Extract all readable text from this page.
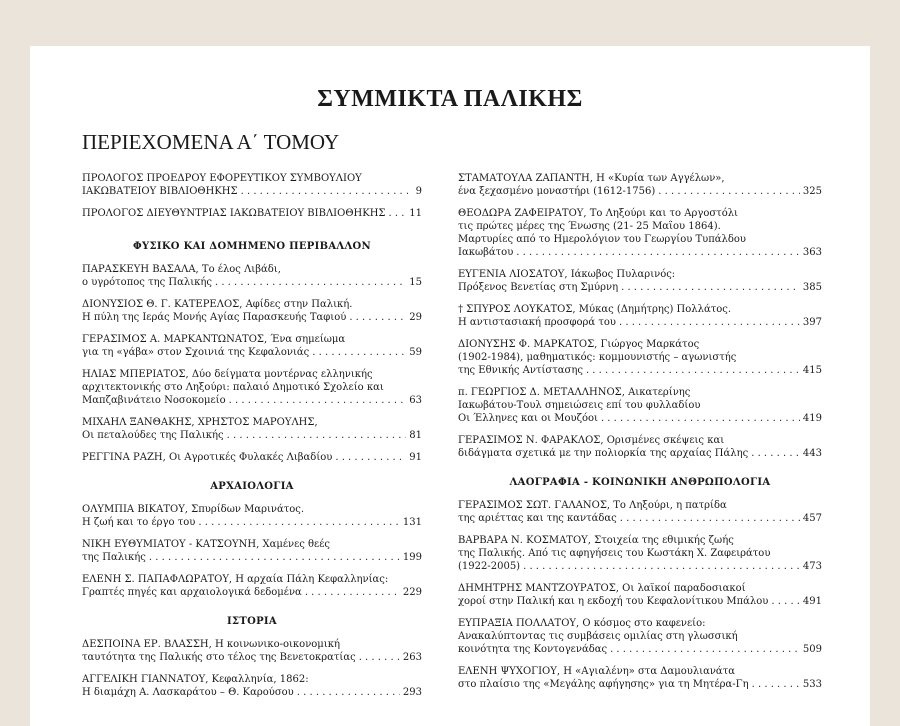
ΣΥΜΜΙΚΤΑ ΠΑΛΙΚΗΣ
ΠΕΡΙΕΧΟΜΕΝΑ Α΄ ΤΟΜΟΥ
ΠΡΟΛΟΓΟΣ ΠΡΟΕΔΡΟΥ ΕΦΟΡΕΥΤΙΚΟΥ ΣΥΜΒΟΥΛΙΟΥ
ΙΑΚΩΒΑΤΕΙΟΥ ΒΙΒΛΙΟΘΗΚΗΣ . . .	9
ΠΡΟΛΟΓΟΣ ΔΙΕΥΘΥΝΤΡΙΑΣ ΙΑΚΩΒΑΤΕΙΟΥ ΒΙΒΛΙΟΘΗΚΗΣ . . . 11
ΦΥΣΙΚΟ ΚΑΙ ΔΟΜΗΜΕΝΟ ΠΕΡΙΒΑΛΛΟΝ
ΠΑΡΑΣΚΕΥΗ ΒΑΣΑΛΑ, Το έλος Λιβάδι,
ο υγρότοπος της Παλικής . . .	15
ΔΙΟΝΥΣΙΟΣ Θ. Γ. ΚΑΤΕΡΕΛΟΣ, Αφίδες στην Παλική.
Η πύλη της Ιεράς Μονής Αγίας Παρασκευής Ταφιού . . .	29
ΓΕΡΑΣΙΜΟΣ Α. ΜΑΡΚΑΝΤΩΝΑΤΟΣ, Ένα σημείωμα
για τη «γάβα» στον Σχοινιά της Κεφαλονιάς . . .	59
ΗΛΙΑΣ ΜΠΕΡΙΑΤΟΣ, Δύο δείγματα μοντέρνας ελληνικής
αρχιτεκτονικής στο Ληξούρι: παλαιό Δημοτικό Σχολείο και
Μαπζαβινάτειο Νοσοκομείο . . .	63
ΜΙΧΑΗΛ ΞΑΝΘΑΚΗΣ, ΧΡΗΣΤΟΣ ΜΑΡΟΥΛΗΣ,
Οι πεταλούδες της Παλικής . . .	81
ΡΕΓΓΙΝΑ ΡΑΖΗ, Οι Αγροτικές Φυλακές Λιβαδίου . . .	91
ΑΡΧΑΙΟΛΟΓΙΑ
ΟΛΥΜΠΙΑ ΒΙΚΑΤΟΥ, Σπυρίδων Μαρινάτος.
Η ζωή και το έργο του . . .	131
ΝΙΚΗ ΕΥΘΥΜΙΑΤΟΥ - ΚΑΤΣΟΥΝΗ, Χαμένες θεές
της Παλικής . . .	199
ΕΛΕΝΗ Σ. ΠΑΠΑΦΛΩΡΑΤΟΥ, Η αρχαία Πάλη Κεφαλληνίας:
Γραπτές πηγές και αρχαιολογικά δεδομένα . . .	229
ΙΣΤΟΡΙΑ
ΔΕΣΠΟΙΝΑ ΕΡ. ΒΛΑΣΣΗ, Η κοινωνικο-οικονομική
ταυτότητα της Παλικής στο τέλος της Βενετοκρατίας . . .	263
ΑΓΓΕΛΙΚΗ ΓΙΑΝΝΑΤΟΥ, Κεφαλληνία, 1862:
Η διαμάχη Α. Λασκαράτου – Θ. Καρούσου . . .	293
ΣΤΑΜΑΤΟΥΛΑ ΖΑΠΑΝΤΗ, Η «Κυρία των Αγγέλων»,
ένα ξεχασμένο μοναστήρι (1612-1756) . . .	325
ΘΕΟΔΩΡΑ ΖΑΦΕΙΡΑΤΟΥ, Το Ληξούρι και το Αργοστόλι
τις πρώτες μέρες της Ένωσης (21- 25 Μαΐου 1864).
Μαρτυρίες από το Ημερολόγιον του Γεωργίου Τυπάλδου
Ιακωβάτου . . .	363
ΕΥΓΕΝΙΑ ΛΙΟΣΑΤΟΥ, Ιάκωβος Πυλαρινός:
Πρόξενος Βενετίας στη Σμύρνη . . .	385
† ΣΠΥΡΟΣ ΛΟΥΚΑΤΟΣ, Μύκας (Δημήτρης) Πολλάτος.
Η αντιστασιακή προσφορά του . . .	397
ΔΙΟΝΥΣΗΣ Φ. ΜΑΡΚΑΤΟΣ, Γιώργος Μαρκάτος
(1902-1984), μαθηματικός: κομμουνιστής – αγωνιστής
της Εθνικής Αντίστασης . . .	415
π. ΓΕΩΡΓΙΟΣ Δ. ΜΕΤΑΛΛΗΝΟΣ, Αικατερίνης
Ιακωβάτου-Τουλ σημειώσεις επί του φυλλαδίου
Οι Έλληνες και οι Μουζόοι . . .	419
ΓΕΡΑΣΙΜΟΣ Ν. ΦΑΡΑΚΛΟΣ, Ορισμένες σκέψεις και
διδάγματα σχετικά με την πολιορκία της αρχαίας Πάλης . . .	443
ΛΑΟΓΡΑΦΙΑ - ΚΟΙΝΩΝΙΚΗ ΑΝΘΡΩΠΟΛΟΓΙΑ
ΓΕΡΑΣΙΜΟΣ ΣΩΤ. ΓΑΛΑΝΟΣ, Το Ληξούρι, η πατρίδα
της αριέττας και της καντάδας . . .	457
ΒΑΡΒΑΡΑ Ν. ΚΟΣΜΑΤΟΥ, Στοιχεία της εθιμικής ζωής
της Παλικής. Από τις αφηγήσεις του Κωστάκη Χ. Ζαφειράτου
(1922-2005) . . .	473
ΔΗΜΗΤΡΗΣ ΜΑΝΤΖΟΥΡΑΤΟΣ, Οι λαϊκοί παραδοσιακοί
χοροί στην Παλική και η εκδοχή του Κεφαλονίτικου Μπάλου . . .	491
ΕΥΠΡΑΞΙΑ ΠΟΛΛΑΤΟΥ, Ο κόσμος στο καφενείο:
Ανακαλύπτοντας τις συμβάσεις ομιλίας στη γλωσσική
κοινότητα της Κοντογενάδας . . .	509
ΕΛΕΝΗ ΨΥΧΟΓΙΟΥ, Η «Αγιαλένη» στα Δαμουλιανάτα
στο πλαίσιο της «Μεγάλης αφήγησης» για τη Μητέρα-Γη . . .	533
